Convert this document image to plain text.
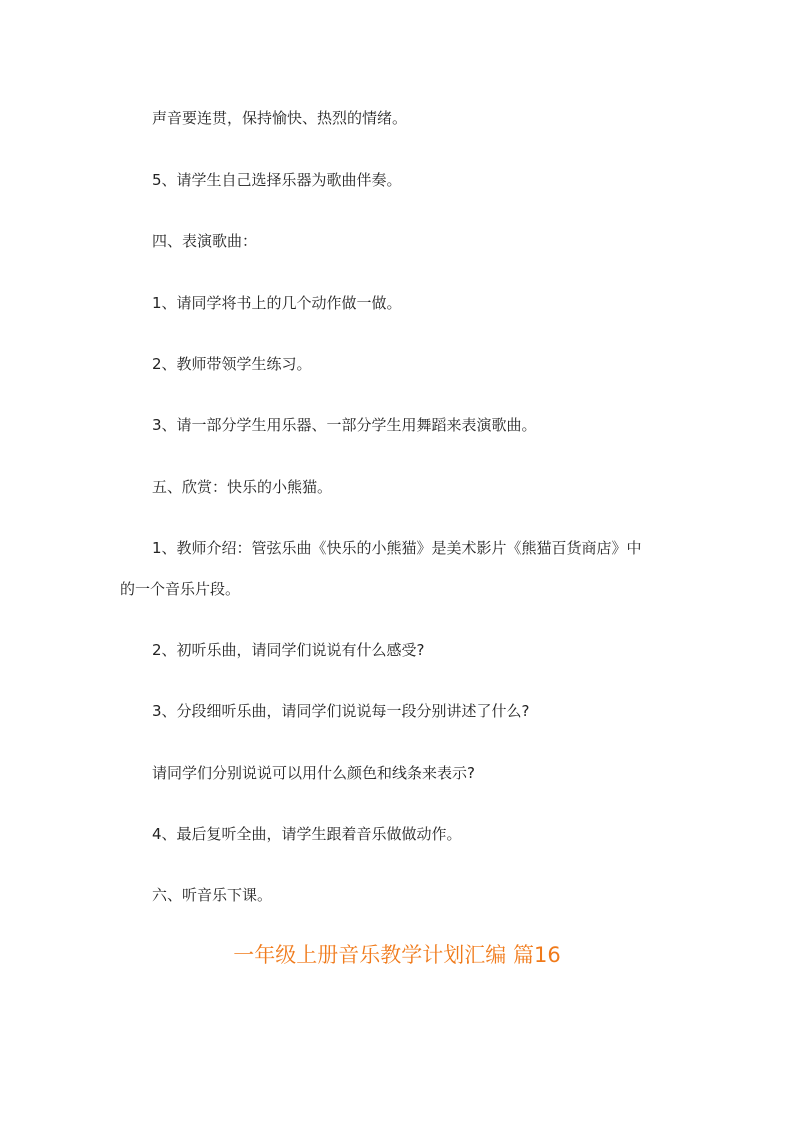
声音要连贯，保持愉快、热烈的情绪。

5、请学生自己选择乐器为歌曲伴奏。

四、表演歌曲：

1、请同学将书上的几个动作做一做。

2、教师带领学生练习。

3、请一部分学生用乐器、一部分学生用舞蹈来表演歌曲。

五、欣赏：快乐的小熊猫。

1、教师介绍：管弦乐曲《快乐的小熊猫》是美术影片《熊猫百货商店》中

的一个音乐片段。

2、初听乐曲，请同学们说说有什么感受?

3、分段细听乐曲，请同学们说说每一段分别讲述了什么?

请同学们分别说说可以用什么颜色和线条来表示?

4、最后复听全曲，请学生跟着音乐做做动作。

六、听音乐下课。

一年级上册音乐教学计划汇编 篇16
